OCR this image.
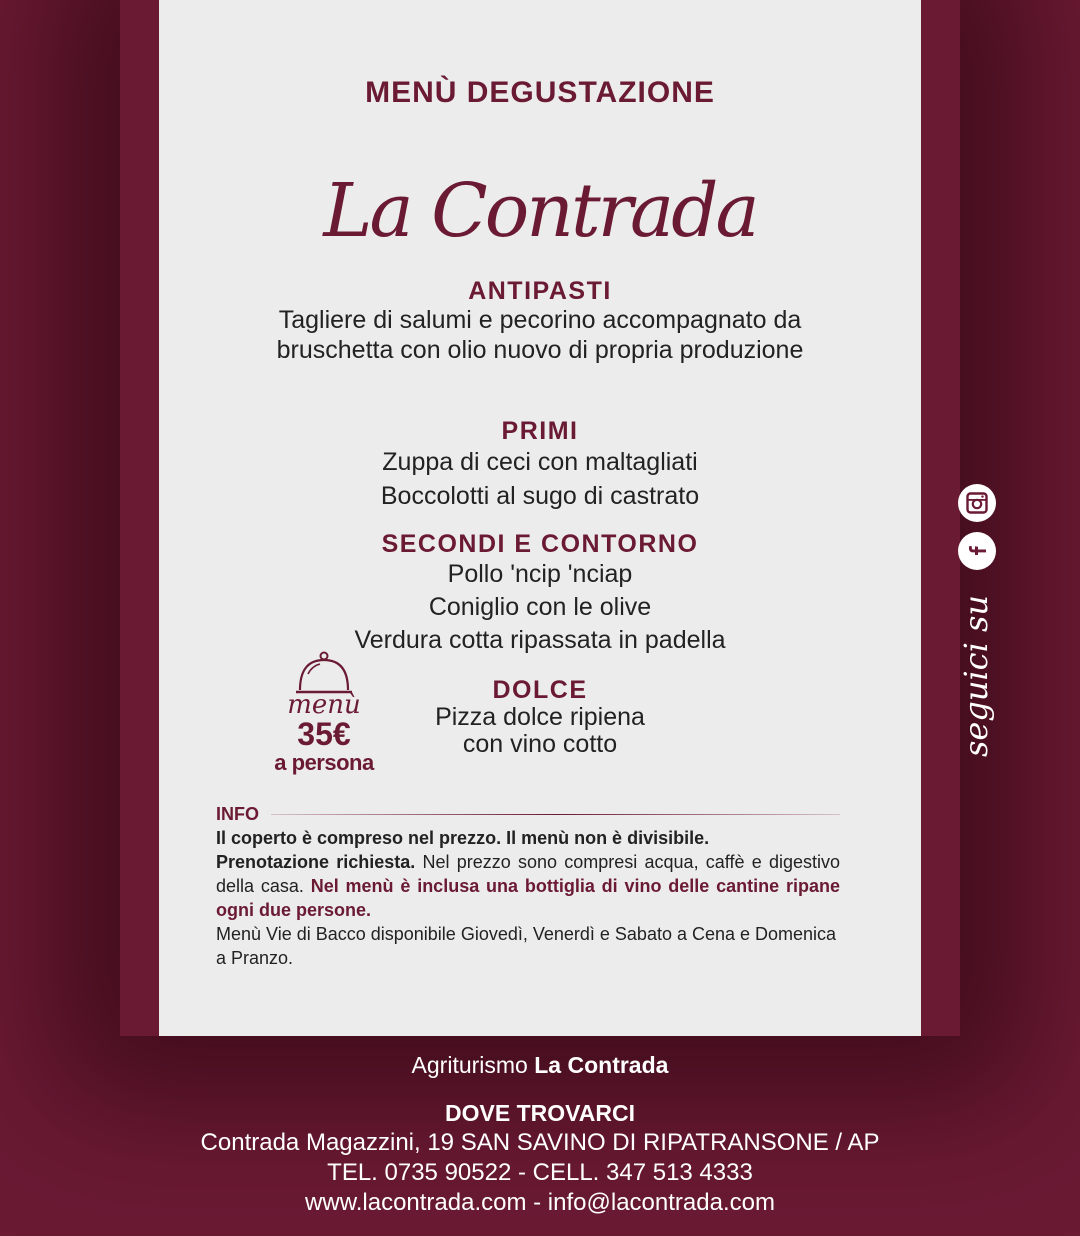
MENÙ DEGUSTAZIONE
La Contrada
ANTIPASTI

Tagliere di salumi e pecorino accompagnato da bruschetta con olio nuovo di propria produzione

PRIMI

Zuppa di ceci con maltagliati

Boccolotti al sugo di castrato

SECONDI E CONTORNO

Pollo 'ncip 'nciap

Coniglio con le olive

Verdura cotta ripassata in padella

DOLCE

Pizza dolce ripiena

con vino cotto

menù
35€
a persona
INFO

Il coperto è compreso nel prezzo. Il menù non è divisibile.

Prenotazione richiesta. Nel prezzo sono compresi acqua, caffè e digestivo della casa. Nel menù è inclusa una bottiglia di vino delle cantine ripane ogni due persone.

Menù Vie di Bacco disponibile Giovedì, Venerdì e Sabato a Cena e Domenica a Pranzo.

seguici su
Agriturismo La Contrada
DOVE TROVARCI
Contrada Magazzini, 19 SAN SAVINO DI RIPATRANSONE / AP
TEL. 0735 90522 - CELL. 347 513 4333
www.lacontrada.com - info@lacontrada.com
